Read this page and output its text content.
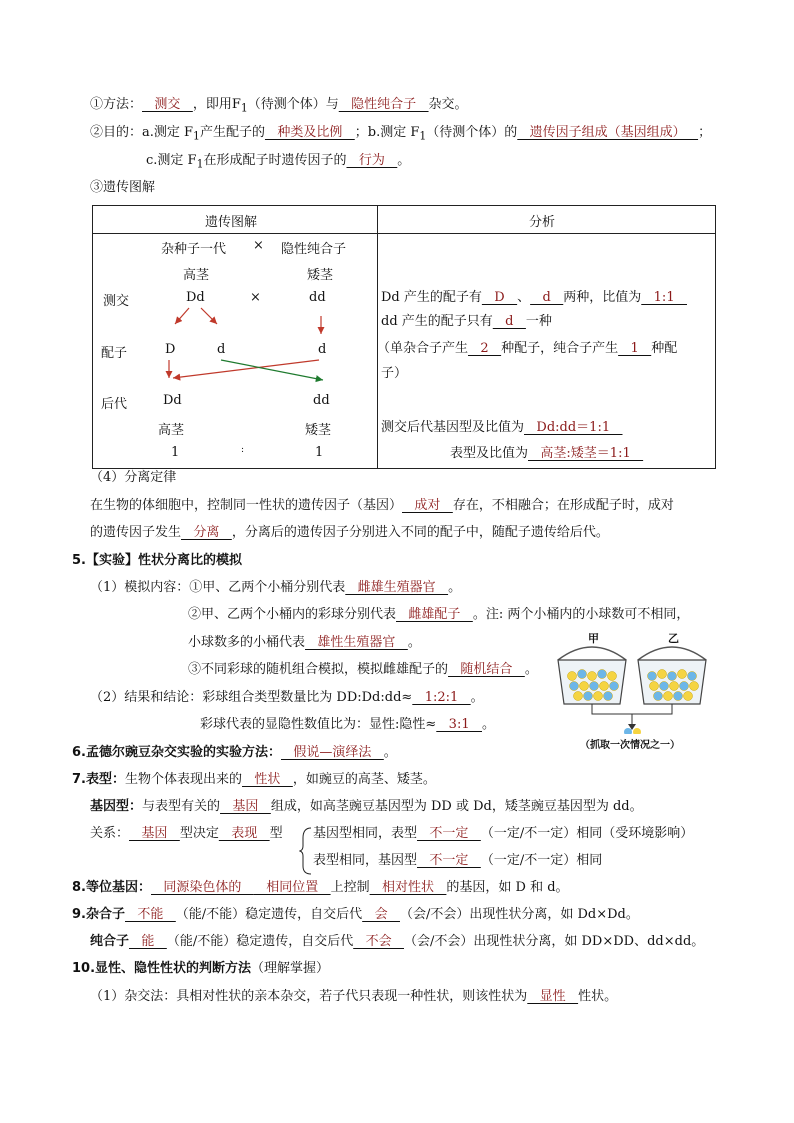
①方法：   测交   ，即用$F_1$（待测个体）与   隐性纯合子   杂交。
②目的：a.测定 $F_1$产生配子的   种类及比例   ；b.测定 $F_1$（待测个体）的   遗传因子组成（基因组成）   ；
c.测定 $F_1$在形成配子时遗传因子的   行为   。
③遗传图解
遗传图解	分析
杂种子一代 × 隐性纯合子
高茎	矮茎
测交	Dd	×	dd
配子	D	d	d
后代	Dd	dd
高茎	矮茎
1	:	1
Dd 产生的配子有   D   、   d   两种，比值为   1:1
dd 产生的配子只有   d   一种
（单杂合子产生   2   种配子，纯合子产生   1   种配
子）
测交后代基因型及比值为   Dd:dd＝1:1
表型及比值为   高茎:矮茎＝1:1
（4）分离定律
在生物的体细胞中，控制同一性状的遗传因子（基因）   成对   存在，不相融合；在形成配子时，成对
的遗传因子发生   分离   ，分离后的遗传因子分别进入不同的配子中，随配子遗传给后代。
5.【实验】性状分离比的模拟
（1）模拟内容：①甲、乙两个小桶分别代表   雌雄生殖器官   。
②甲、乙两个小桶内的彩球分别代表   雌雄配子   。注: 两个小桶内的小球数可不相同，
小球数多的小桶代表   雄性生殖器官   。
③不同彩球的随机组合模拟，模拟雌雄配子的   随机结合   。
（2）结果和结论：彩球组合类型数量比为 DD:Dd:dd≈   1:2:1   。
彩球代表的显隐性数值比为：显性:隐性≈   3:1   。
甲	乙
（抓取一次情况之一）
6.孟德尔豌豆杂交实验的实验方法：   假说—演绎法   。
7.表型：生物个体表现出来的   性状   ，如豌豆的高茎、矮茎。
基因型：与表型有关的   基因   组成，如高茎豌豆基因型为 DD 或 Dd，矮茎豌豆基因型为 dd。
关系：   基因   型决定   表现   型 基因型相同，表型   不一定   （一定/不一定）相同（受环境影响）
表型相同，基因型   不一定   （一定/不一定）相同
8.等位基因：   同源染色体的      相同位置   上控制   相对性状   的基因，如 D 和 d。
9.杂合子   不能   （能/不能）稳定遗传，自交后代   会   （会/不会）出现性状分离，如 Dd×Dd。
纯合子   能   （能/不能）稳定遗传，自交后代   不会   （会/不会）出现性状分离，如 DD×DD、dd×dd。
10.显性、隐性性状的判断方法（理解掌握）
（1）杂交法：具相对性状的亲本杂交，若子代只表现一种性状，则该性状为   显性   性状。
